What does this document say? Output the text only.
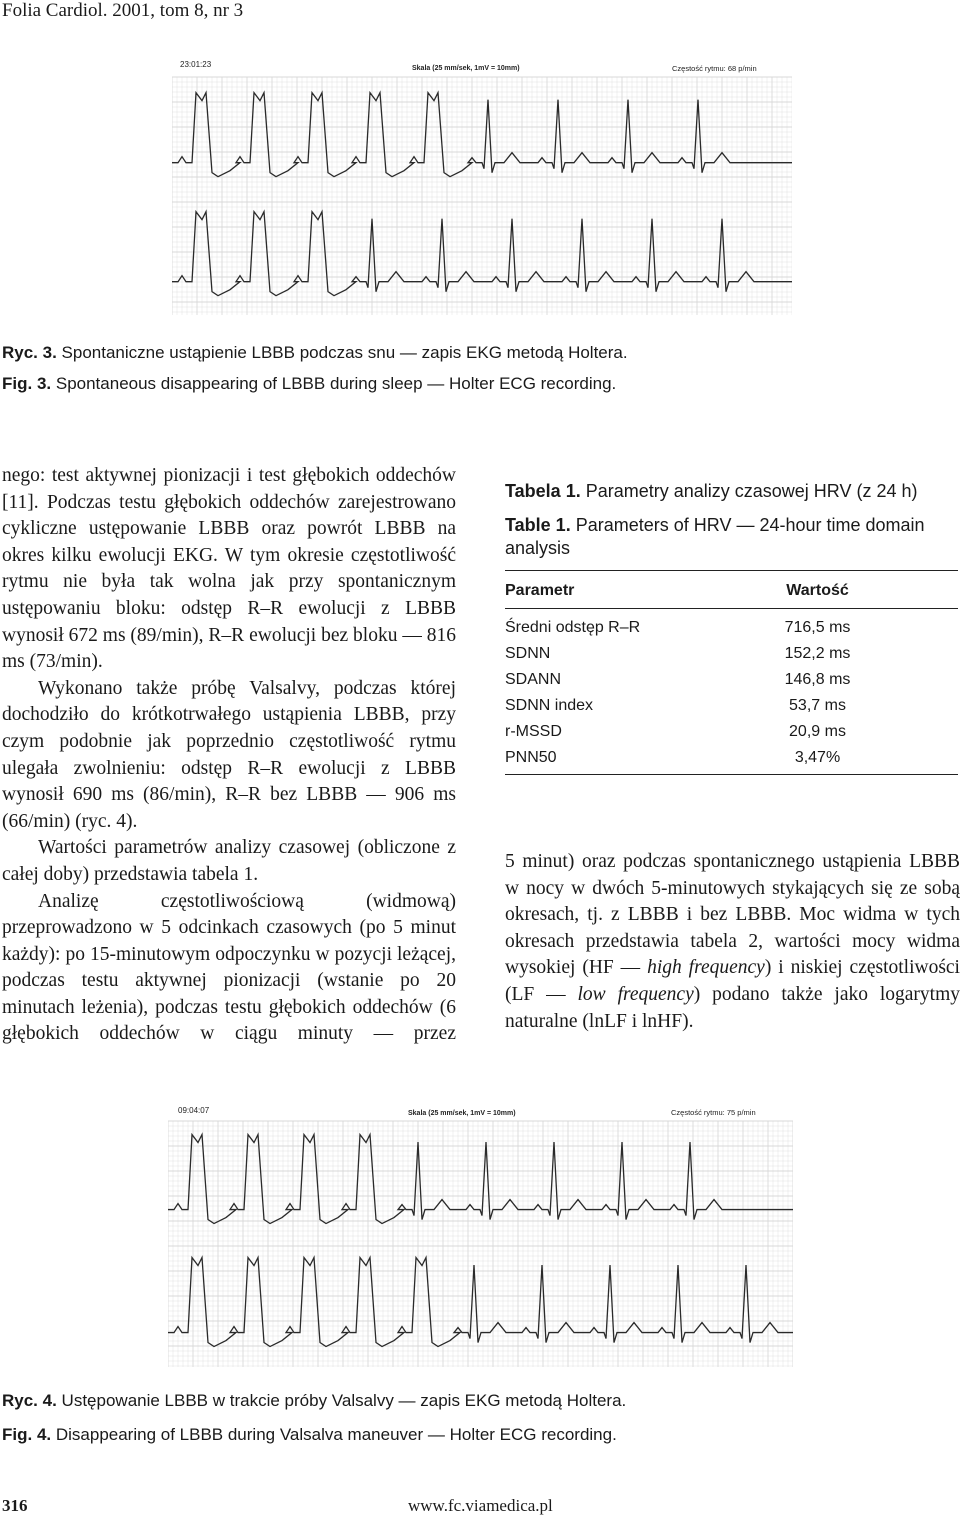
Folia Cardiol. 2001, tom 8, nr 3
23:01:23	Skala (25 mm/sek, 1mV = 10mm)	Częstość rytmu: 68 p/min
Ryc. 3. Spontaniczne ustąpienie LBBB podczas snu — zapis EKG metodą Holtera.
Fig. 3. Spontaneous disappearing of LBBB during sleep — Holter ECG recording.

nego: test aktywnej pionizacji i test głębokich oddechów [11]. Podczas testu głębokich oddechów zarejestrowano cykliczne ustępowanie LBBB oraz powrót LBBB na okres kilku ewolucji EKG. W tym okresie częstotliwość rytmu nie była tak wolna jak przy spontanicznym ustępowaniu bloku: odstęp R–R ewolucji z LBBB wynosił 672 ms (89/min), R–R ewolucji bez bloku — 816 ms (73/min).

Wykonano także próbę Valsalvy, podczas której dochodziło do krótkotrwałego ustąpienia LBBB, przy czym podobnie jak poprzednio częstotliwość rytmu ulegała zwolnieniu: odstęp R–R ewolucji z LBBB wynosił 690 ms (86/min), R–R bez LBBB — 906 ms (66/min) (ryc. 4).

Wartości parametrów analizy czasowej (obliczone z całej doby) przedstawia tabela 1.

Analizę częstotliwościową (widmową) przeprowadzono w 5 odcinkach czasowych (po 5 minut każdy): po 15-minutowym odpoczynku w pozycji leżącej, podczas testu aktywnej pionizacji (wstanie po 20 minutach leżenia), podczas testu głębokich oddechów (6 głębokich oddechów w ciągu minuty — przez

Tabela 1. Parametry analizy czasowej HRV (z 24 h)
Table 1. Parameters of HRV — 24-hour time domain analysis
Parametr	Wartość
Średni odstęp R–R	716,5 ms
SDNN	152,2 ms
SDANN	146,8 ms
SDNN index	53,7 ms
r-MSSD	20,9 ms
PNN50	3,47%

5 minut) oraz podczas spontanicznego ustąpienia LBBB w nocy w dwóch 5-minutowych stykających się ze sobą okresach, tj. z LBBB i bez LBBB. Moc widma w tych okresach przedstawia tabela 2, wartości mocy widma wysokiej (HF — high frequency) i niskiej częstotliwości (LF — low frequency) podano także jako logarytmy naturalne (lnLF i lnHF).

09:04:07	Skala (25 mm/sek, 1mV = 10mm)	Częstość rytmu: 75 p/min
Ryc. 4. Ustępowanie LBBB w trakcie próby Valsalvy — zapis EKG metodą Holtera.
Fig. 4. Disappearing of LBBB during Valsalva maneuver — Holter ECG recording.
316	www.fc.viamedica.pl
